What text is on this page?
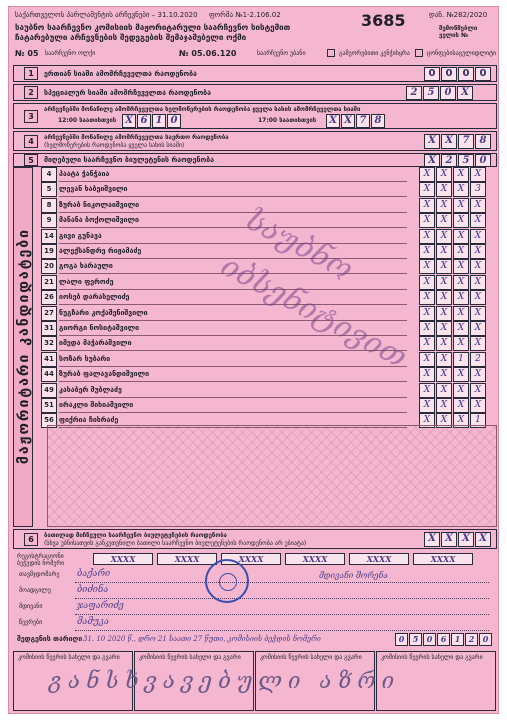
საქართველოს პარლამენტის არჩევნები – 31.10.2020 ფორმა №1-2.106.02	3685	დან. №282/2020
საუბნო საარჩევნო კომისიის მაჟორიტარული საარჩევნო სისტემით
ჩატარებული არჩევნების შედეგების შემაჯამებელი ოქმი
შემოწმებლი ველის №
№ 05 საარჩევნო ოლქი	№ 05.06.120	საარჩევნო უბანი	გამეორებითი კენჭისყრა	ცონფებისაცულიდლიტი
1	ერთიან სიაში ამომრჩეველთა რაოდენობა	0	0	0	0
2	სპეციალურ სიაში ამომრჩეველთა რაოდენობა	2	5	0 X
3
არჩევნებში მონაწილე ამომრჩეველთა ხელმოწერების რაოდენობა ყველა სახის ამომრჩეველთა სიაში
12:00 საათისთვის X 6 1 0	17:00 საათისთვის	X X 7 8
4	არჩევნებში მონაწილე ამომრჩეველთა საერთო რაოდენობა
(ხელმოწერების რაოდენობა ყველა სახის სიაში)	X X 7	8
5	მიღებული საარჩევნო ბიულეტენის რაოდენობა	X 2	5	0
მაჟორიტარი კანდიდატები
4	პაატა ჭანჭაია	X	X	X	X
5	ლევან ხაბეიშვილი	X	X	X	3
8	ზურაბ ნიკოლაიშვილი	X	X	X	X
9	მანანა ბოქოლიშვილი	X	X	X	X
14 გივი გუნავა	X	X	X	X
19 ალექსანდრე რიჟამაძე	X	X	X	X
20 გოგა ხარაული	X	X	X	X
21 ლალი ფეროძე	X	X	X	X
26 იოსებ დარასელიძე	X	X	X	X
27 ნუგზარი კოქაშენიშვილი	X	X	X	X
31 გიორგი ნოსიტაშვილი	X	X	X	X
32 იმედა მაჭარაშვილი	X	X	X	X
41 სოზარ სუბარი	X	X	1	2
44 ზურაბ ფალავანდიშვილი	X	X	X	X
49 კახაბერ შუბლაძე	X	X	X	X
51 ირაკლი შიხიაშვილი	X	X	X	X
56 ფიქრია ჩიხრაძე	X	X	X	1
საუბნო იბსენიტივით
6	ბათილად მიჩნეული საარჩევნო ბიულეტენების რაოდენობა
(სხვა უბნისათვის განკუთვნილი ბათილი საარჩევნო ბიულეტენების რაოდენობა არ უბიატა)	X X X X
რეგისტრაციონი ბეჭედის ნომერი	XXXX	XXXX	XXXX	XXXX	XXXX	XXXX
თავმჯდომარე ბაქარი	მდივანი შორენა
მოადგილე	ბიძინა
მდივანი	ჯაფარიძე
წევრები	მამუკა
შედგენის თარიღი 31. 10 2020 წ., დრო 21 საათი 27 წუთი, კომისიის ბეჭდის ნომერი	0	5	0	6	1	2	0
კომისიის წევრის სახელი და გვარი	კომისიის წევრის სახელი და გვარი	კომისიის წევრის სახელი და გვარი	კომისიის წევრის სახელი და გვარი
განსხვავებული აზრი
